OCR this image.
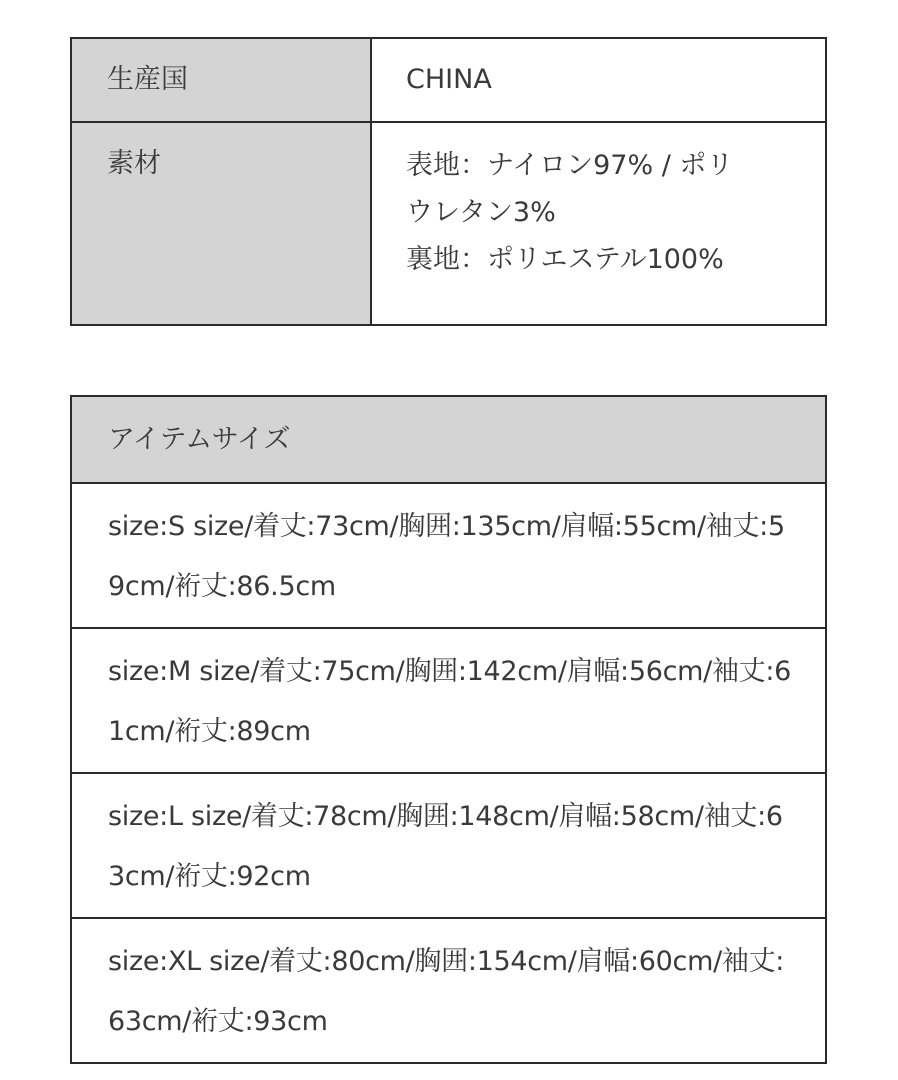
生産国	CHINA

素材	表地：ナイロン97% / ポリ
ウレタン3%
裏地：ポリエステル100%
アイテムサイズ

size:S size/着丈:73cm/胸囲:135cm/肩幅:55cm/袖丈:59cm/裄丈:86.5cm

size:M size/着丈:75cm/胸囲:142cm/肩幅:56cm/袖丈:61cm/裄丈:89cm

size:L size/着丈:78cm/胸囲:148cm/肩幅:58cm/袖丈:63cm/裄丈:92cm

size:XL size/着丈:80cm/胸囲:154cm/肩幅:60cm/袖丈:63cm/裄丈:93cm
